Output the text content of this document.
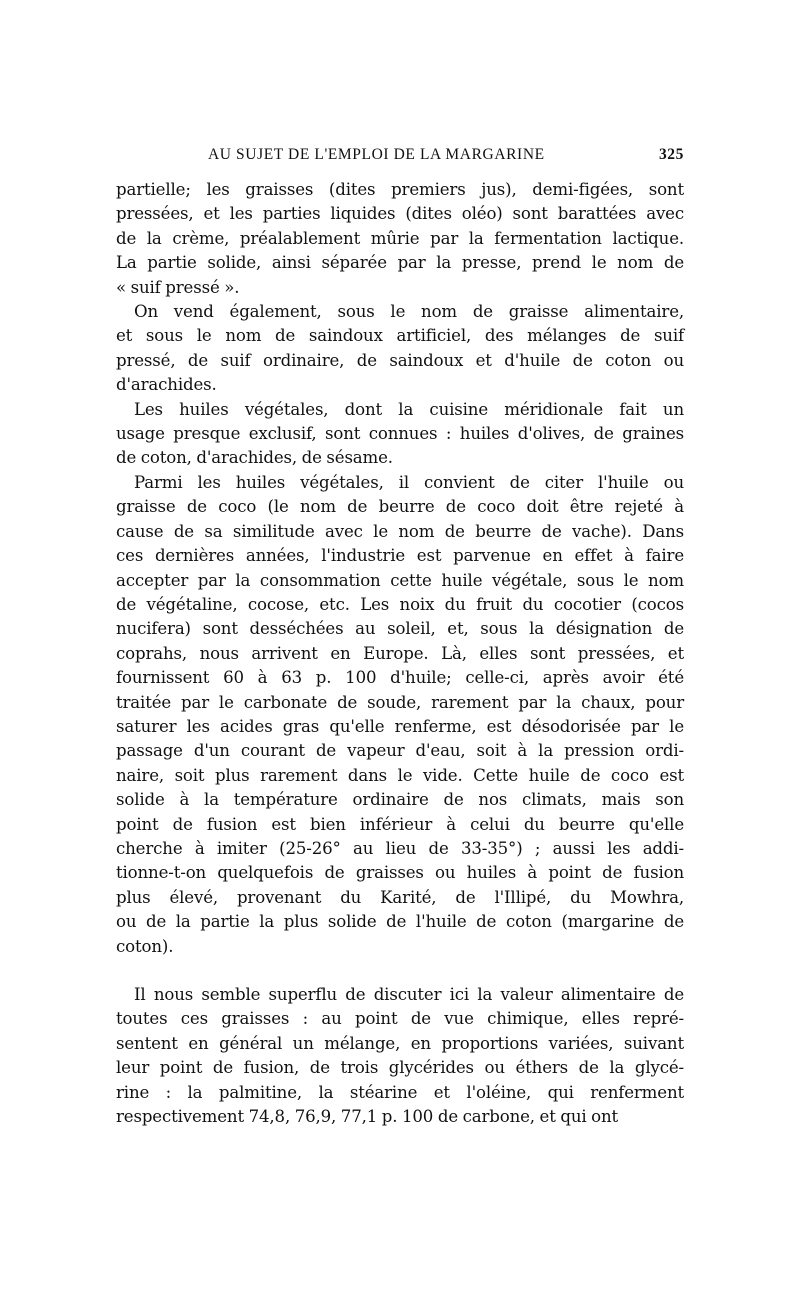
AU SUJET DE L'EMPLOI DE LA MARGARINE	325
partielle; les graisses (dites premiers jus), demi-figées, sont
pressées, et les parties liquides (dites oléo) sont barattées avec
de la crème, préalablement mûrie par la fermentation lactique.
La partie solide, ainsi séparée par la presse, prend le nom de
« suif pressé ».
On vend également, sous le nom de graisse alimentaire,
et sous le nom de saindoux artificiel, des mélanges de suif
pressé, de suif ordinaire, de saindoux et d'huile de coton ou
d'arachides.
Les huiles végétales, dont la cuisine méridionale fait un
usage presque exclusif, sont connues : huiles d'olives, de graines
de coton, d'arachides, de sésame.
Parmi les huiles végétales, il convient de citer l'huile ou
graisse de coco (le nom de beurre de coco doit être rejeté à
cause de sa similitude avec le nom de beurre de vache). Dans
ces dernières années, l'industrie est parvenue en effet à faire
accepter par la consommation cette huile végétale, sous le nom
de végétaline, cocose, etc. Les noix du fruit du cocotier (cocos
nucifera) sont desséchées au soleil, et, sous la désignation de
coprahs, nous arrivent en Europe. Là, elles sont pressées, et
fournissent 60 à 63 p. 100 d'huile; celle-ci, après avoir été
traitée par le carbonate de soude, rarement par la chaux, pour
saturer les acides gras qu'elle renferme, est désodorisée par le
passage d'un courant de vapeur d'eau, soit à la pression ordi-
naire, soit plus rarement dans le vide. Cette huile de coco est
solide à la température ordinaire de nos climats, mais son
point de fusion est bien inférieur à celui du beurre qu'elle
cherche à imiter (25-26° au lieu de 33-35°) ; aussi les addi-
tionne-t-on quelquefois de graisses ou huiles à point de fusion
plus élevé, provenant du Karité, de l'Illipé, du Mowhra,
ou de la partie la plus solide de l'huile de coton (margarine de
coton).
Il nous semble superflu de discuter ici la valeur alimentaire de
toutes ces graisses : au point de vue chimique, elles repré-
sentent en général un mélange, en proportions variées, suivant
leur point de fusion, de trois glycérides ou éthers de la glycé-
rine : la palmitine, la stéarine et l'oléine, qui renferment
respectivement 74,8, 76,9, 77,1 p. 100 de carbone, et qui ont
